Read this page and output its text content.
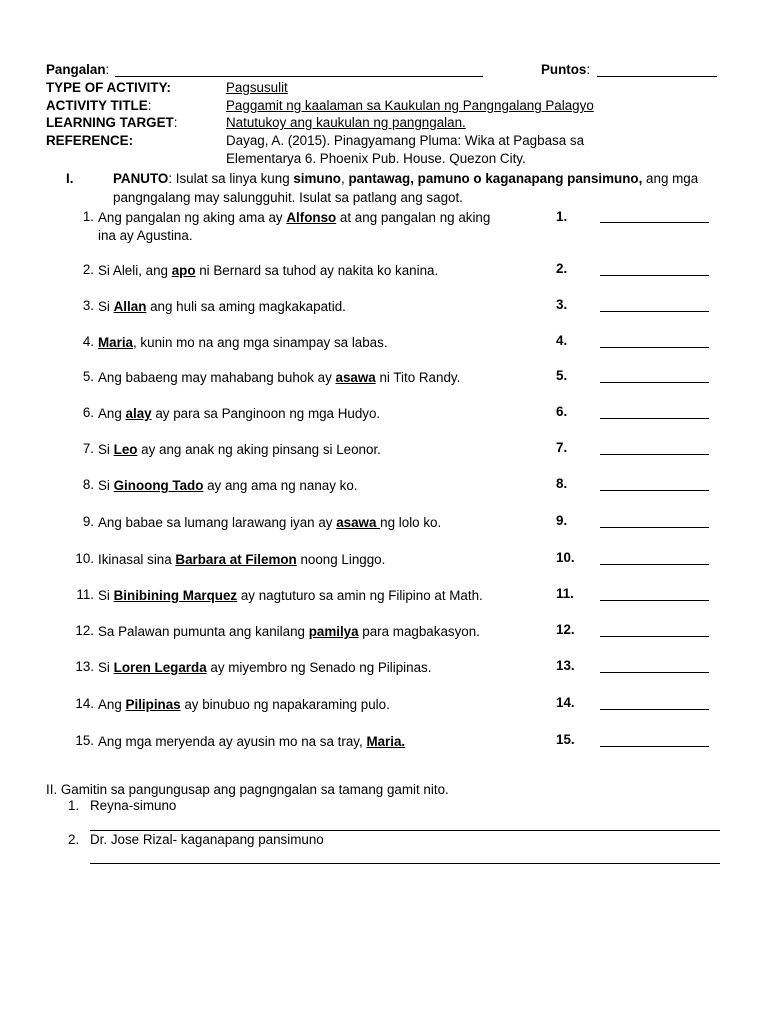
Pangalan:	Puntos:
TYPE OF ACTIVITY:	Pagsusulit
ACTIVITY TITLE:	Paggamit ng kaalaman sa Kaukulan ng Pangngalang Palagyo
LEARNING TARGET:	Natutukoy ang kaukulan ng pangngalan.
REFERENCE:	Dayag, A. (2015). Pinagyamang Pluma: Wika at Pagbasa sa
Elementarya 6. Phoenix Pub. House. Quezon City.
I.	PANUTO: Isulat sa linya kung simuno, pantawag, pamuno o kaganapang pansimuno, ang mga
pangngalang may salungguhit. Isulat sa patlang ang sagot.
1. Ang pangalan ng aking ama ay Alfonso at ang pangalan ng aking
ina ay Agustina.
1.
2. Si Aleli, ang apo ni Bernard sa tuhod ay nakita ko kanina.	2.
3. Si Allan ang huli sa aming magkakapatid.	3.
4. Maria, kunin mo na ang mga sinampay sa labas.	4.
5. Ang babaeng may mahabang buhok ay asawa ni Tito Randy.	5.
6. Ang alay ay para sa Panginoon ng mga Hudyo.	6.
7. Si Leo ay ang anak ng aking pinsang si Leonor.	7.
8. Si Ginoong Tado ay ang ama ng nanay ko.	8.
9. Ang babae sa lumang larawang iyan ay asawa ng lolo ko.	9.
10. Ikinasal sina Barbara at Filemon noong Linggo.	10.
11. Si Binibining Marquez ay nagtuturo sa amin ng Filipino at Math.	11.
12. Sa Palawan pumunta ang kanilang pamilya para magbakasyon.	12.
13. Si Loren Legarda ay miyembro ng Senado ng Pilipinas.	13.
14. Ang Pilipinas ay binubuo ng napakaraming pulo.	14.
15. Ang mga meryenda ay ayusin mo na sa tray, Maria.	15.
II. Gamitin sa pangungusap ang pagngngalan sa tamang gamit nito.
1. Reyna-simuno
2. Dr. Jose Rizal- kaganapang pansimuno
